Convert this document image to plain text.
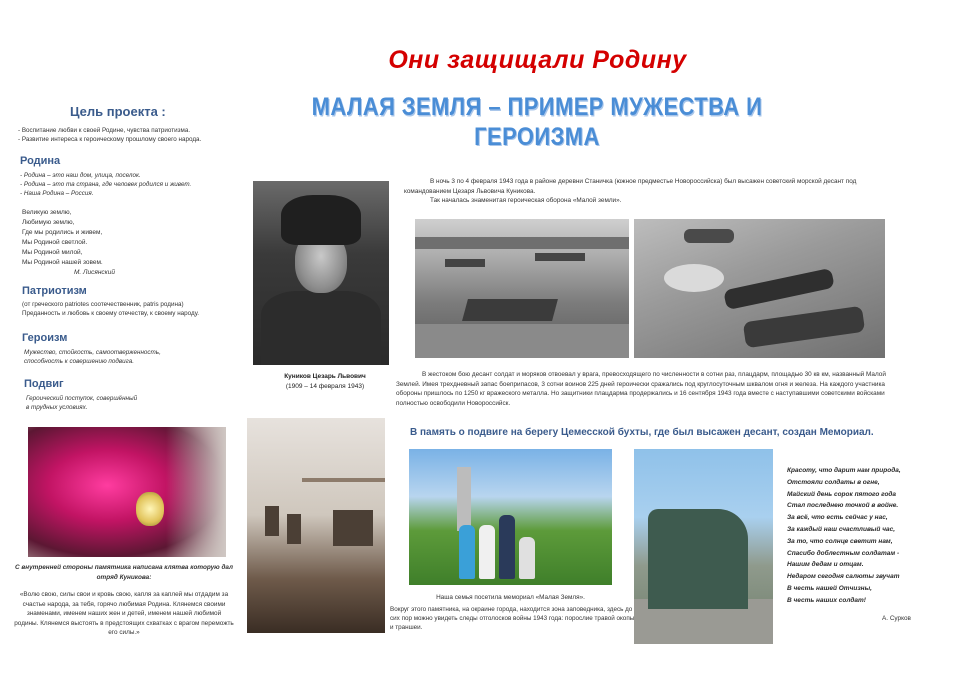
Они защищали Родину
МАЛАЯ ЗЕМЛЯ – ПРИМЕР МУЖЕСТВА И ГЕРОИЗМА
Цель проекта :
- Воспитание любви к своей Родине, чувства патриотизма.
- Развитие интереса к героическому прошлому своего народа.
Родина
- Родина – это наш дом, улица, поселок.
- Родина – это та страна, где человек родился и живет.
- Наша Родина – Россия.
Великую землю,
Любимую землю,
Где мы родились и живем,
Мы Родиной светлой.
Мы Родиной милой,
Мы Родиной нашей зовем.
М. Лисянский
Патриотизм
(от греческого patriotes соотечественник, patris родина)
Преданность и любовь к своему отечеству, к своему народу.
Героизм
Мужество, стойкость, самоотверженность,
способность к совершению подвига.
Подвиг
Героический поступок, совершённый
в трудных условиях.
Куников Цезарь Львович
(1909 – 14 февраля 1943)
В ночь 3 по 4 февраля 1943 года в районе деревни Станичка (южное предместье Новороссийска) был высажен советский морской десант под командованием Цезаря Львовича Куникова.
Так началась знаменитая героическая оборона «Малой земли».
В жестоком бою десант солдат и моряков отвоевал у врага, превосходящего по численности в сотни раз, плацдарм, площадью 30 кв км, названный Малой Землей. Имея трехдневный запас боеприпасов, 3 сотни воинов 225 дней героически сражались под круглосуточным шквалом огня и железа. На каждого участника обороны пришлось по 1250 кг вражеского металла. Но защитники плацдарма продержались и 16 сентября 1943 года вместе с наступавшими советскими войсками полностью освободили Новороссийск.
В память о подвиге на берегу Цемесской бухты, где был высажен десант, создан Мемориал.
С внутренней стороны памятника написана клятва которую дал отряд Куникова:
«Волю свою, силы свои и кровь свою, капля за каплей мы отдадим за счастье народа, за тебя, горячо любимая Родина. Клянемся своими знаменами, именем наших жен и детей, именем нашей любимой родины. Клянемся выстоять в предстоящих схватках с врагом переможть его силы.»
Наша семья посетила мемориал «Малая Земля».
Вокруг этого памятника, на окраине города, находится зона заповедника, здесь до сих пор можно увидеть следы отголосков войны 1943 года: порослие травой окопы и траншеи.
Красоту, что дарит нам природа,
Отстояли солдаты в огне,
Майский день сорок пятого года
Стал последнею точкой в войне.
За всё, что есть сейчас у нас,
За каждый наш счастливый час,
За то, что солнце светит нам,
Спасибо доблестным солдатам -
Нашим дедам и отцам.
Недаром сегодня салюты звучат
В честь нашей Отчизны,
В честь наших солдат!
А. Сурков
